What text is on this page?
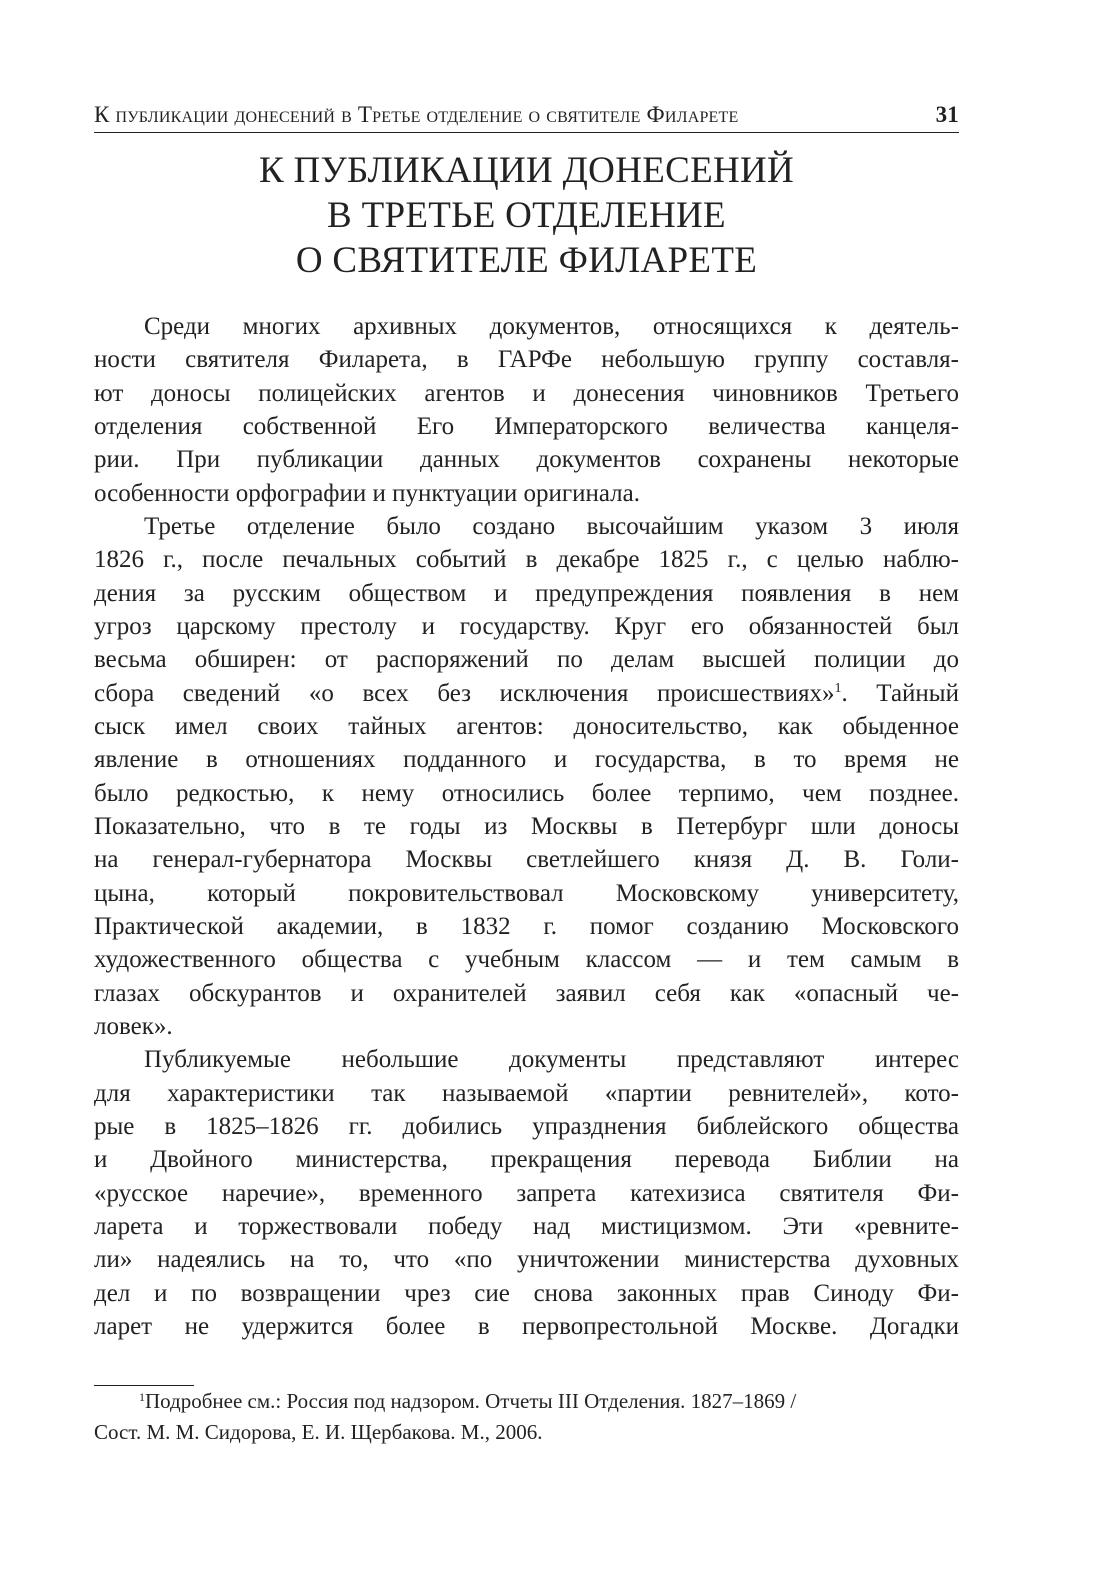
К публикации донесений в Третье отделение о святителе Филарете	31
К ПУБЛИКАЦИИ ДОНЕСЕНИЙ
В ТРЕТЬЕ ОТДЕЛЕНИЕ
О СВЯТИТЕЛЕ ФИЛАРЕТЕ
Среди многих архивных документов, относящихся к деятель-
ности святителя Филарета, в ГАРФе небольшую группу составля-
ют доносы полицейских агентов и донесения чиновников Третьего
отделения собственной Его Императорского величества канцеля-
рии. При публикации данных документов сохранены некоторые
особенности орфографии и пунктуации оригинала.
Третье отделение было создано высочайшим указом 3 июля
1826 г., после печальных событий в декабре 1825 г., с целью наблю-
дения за русским обществом и предупреждения появления в нем
угроз царскому престолу и государству. Круг его обязанностей был
весьма обширен: от распоряжений по делам высшей полиции до
сбора сведений «о всех без исключения происшествиях»$^1$. Тайный
сыск имел своих тайных агентов: доносительство, как обыденное
явление в отношениях подданного и государства, в то время не
было редкостью, к нему относились более терпимо, чем позднее.
Показательно, что в те годы из Москвы в Петербург шли доносы
на генерал-губернатора Москвы светлейшего князя Д. В. Голи-
цына, который покровительствовал Московскому университету,
Практической академии, в 1832 г. помог созданию Московского
художественного общества с учебным классом — и тем самым в
глазах обскурантов и охранителей заявил себя как «опасный че-
ловек».
Публикуемые небольшие документы представляют интерес
для характеристики так называемой «партии ревнителей», кото-
рые в 1825–1826 гг. добились упразднения библейского общества
и Двойного министерства, прекращения перевода Библии на
«русское наречие», временного запрета катехизиса святителя Фи-
ларета и торжествовали победу над мистицизмом. Эти «ревните-
ли» надеялись на то, что «по уничтожении министерства духовных
дел и по возвращении чрез сие снова законных прав Синоду Фи-
ларет не удержится более в первопрестольной Москве. Догадки
$^1$Подробнее см.: Россия под надзором. Отчеты III Отделения. 1827–1869 /
Сост. М. М. Сидорова, Е. И. Щербакова. М., 2006.
